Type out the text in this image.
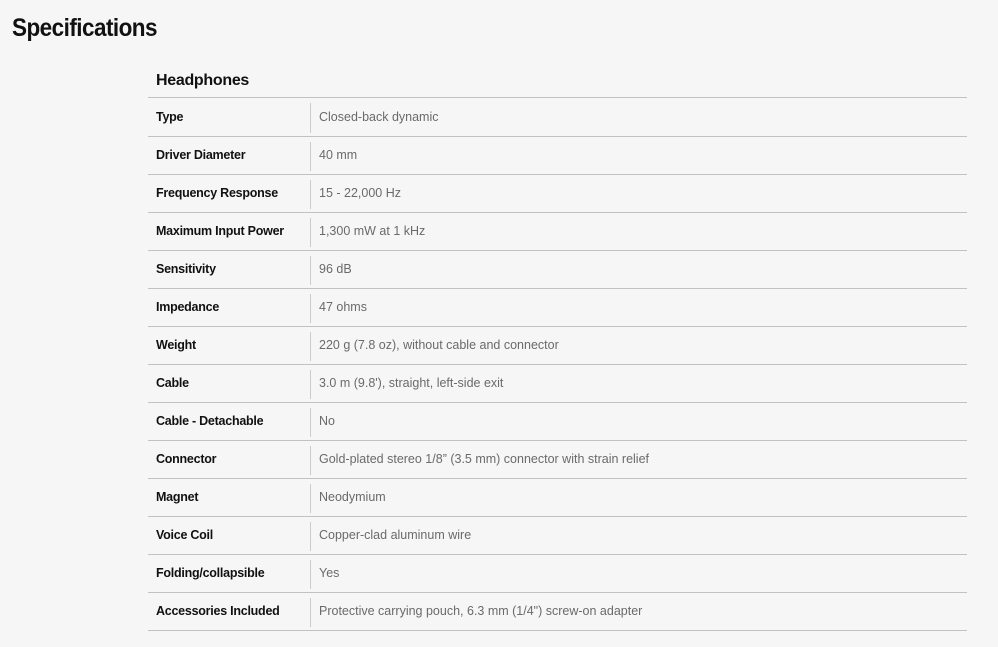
Specifications
Headphones
Type	Closed-back dynamic
Driver Diameter	40 mm
Frequency Response	15 - 22,000 Hz
Maximum Input Power	1,300 mW at 1 kHz
Sensitivity	96 dB
Impedance	47 ohms
Weight	220 g (7.8 oz), without cable and connector
Cable	3.0 m (9.8'), straight, left-side exit
Cable - Detachable	No
Connector	Gold-plated stereo 1/8” (3.5 mm) connector with strain relief
Magnet	Neodymium
Voice Coil	Copper-clad aluminum wire
Folding/collapsible	Yes
Accessories Included	Protective carrying pouch, 6.3 mm (1/4") screw-on adapter
